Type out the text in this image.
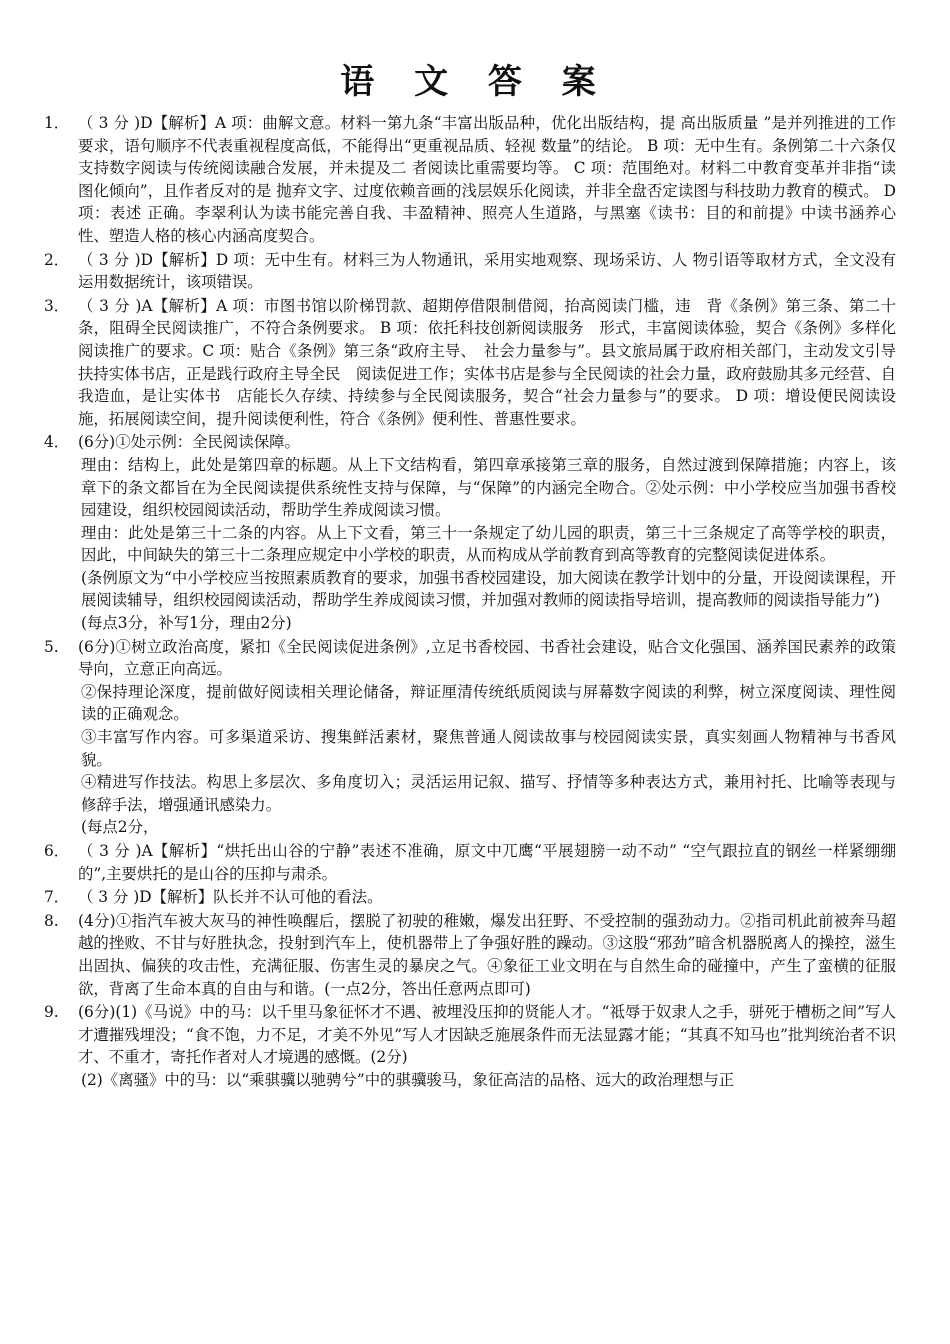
语 文 答 案
1． （ 3 分 )D【解析】A 项：曲解文意。材料一第九条“丰富出版品种，优化出版结构，提 高出版质量 ”是并列推进的工作要求，语句顺序不代表重视程度高低，不能得出“更重视品质、轻视 数量”的结论。 B 项：无中生有。条例第二十六条仅支持数字阅读与传统阅读融合发展，并未提及二 者阅读比重需要均等。 C 项：范围绝对。材料二中教育变革并非指“读图化倾向”，且作者反对的是 抛弃文字、过度依赖音画的浅层娱乐化阅读，并非全盘否定读图与科技助力教育的模式。 D 项：表述 正确。李翠利认为读书能完善自我、丰盈精神、照亮人生道路，与黑塞《读书：目的和前提》中读书涵养心性、塑造人格的核心内涵高度契合。

2． （ 3 分 )D【解析】D 项：无中生有。材料三为人物通讯，采用实地观察、现场采访、人 物引语等取材方式，全文没有运用数据统计，该项错误。

3． （ 3 分 )A【解析】A 项：市图书馆以阶梯罚款、超期停借限制借阅，抬高阅读门槛，违　背《条例》第三条、第二十条，阻碍全民阅读推广，不符合条例要求。 B 项：依托科技创新阅读服务　形式，丰富阅读体验，契合《条例》多样化阅读推广的要求。C 项：贴合《条例》第三条“政府主导、　社会力量参与”。县文旅局属于政府相关部门，主动发文引导扶持实体书店，正是践行政府主导全民　阅读促进工作；实体书店是参与全民阅读的社会力量，政府鼓励其多元经营、自我造血，是让实体书　店能长久存续、持续参与全民阅读服务，契合“社会力量参与”的要求。 D 项：增设便民阅读设施，拓展阅读空间，提升阅读便利性，符合《条例》便利性、普惠性要求。

4． (6分)①处示例：全民阅读保障。

理由：结构上，此处是第四章的标题。从上下文结构看，第四章承接第三章的服务，自然过渡到保障措施；内容上，该章下的条文都旨在为全民阅读提供系统性支持与保障，与“保障”的内涵完全吻合。②处示例：中小学校应当加强书香校园建设，组织校园阅读活动，帮助学生养成阅读习惯。

理由：此处是第三十二条的内容。从上下文看，第三十一条规定了幼儿园的职责，第三十三条规定了高等学校的职责，因此，中间缺失的第三十二条理应规定中小学校的职责，从而构成从学前教育到高等教育的完整阅读促进体系。

(条例原文为“中小学校应当按照素质教育的要求，加强书香校园建设，加大阅读在教学计划中的分量，开设阅读课程，开展阅读辅导，组织校园阅读活动，帮助学生养成阅读习惯，并加强对教师的阅读指导培训，提高教师的阅读指导能力”)

(每点3分，补写1分，理由2分)

5. (6分)①树立政治高度，紧扣《全民阅读促进条例》,立足书香校园、书香社会建设，贴合文化强国、涵养国民素养的政策导向，立意正向高远。

②保持理论深度，提前做好阅读相关理论储备，辩证厘清传统纸质阅读与屏幕数字阅读的利弊，树立深度阅读、理性阅读的正确观念。

③丰富写作内容。可多渠道采访、搜集鲜活素材，聚焦普通人阅读故事与校园阅读实景，真实刻画人物精神与书香风貌。

④精进写作技法。构思上多层次、多角度切入；灵活运用记叙、描写、抒情等多种表达方式，兼用衬托、比喻等表现与修辞手法，增强通讯感染力。

(每点2分，

6． （ 3 分 )A【解析】“烘托出山谷的宁静”表述不准确，原文中兀鹰“平展翅膀一动不动” “空气跟拉直的钢丝一样紧绷绷的”,主要烘托的是山谷的压抑与肃杀。

7． （ 3 分 )D【解析】队长并不认可他的看法。

8. (4分)①指汽车被大灰马的神性唤醒后，摆脱了初驶的稚嫩，爆发出狂野、不受控制的强劲动力。②指司机此前被奔马超越的挫败、不甘与好胜执念，投射到汽车上，使机器带上了争强好胜的躁动。③这股“邪劲”暗含机器脱离人的操控，滋生出固执、偏狭的攻击性，充满征服、伤害生灵的暴戾之气。④象征工业文明在与自然生命的碰撞中，产生了蛮横的征服欲，背离了生命本真的自由与和谐。(一点2分，答出任意两点即可)

9. (6分)(1)《马说》中的马：以千里马象征怀才不遇、被埋没压抑的贤能人才。“祗辱于奴隶人之手，骈死于槽枥之间”写人才遭摧残埋没；“食不饱，力不足，才美不外见”写人才因缺乏施展条件而无法显露才能；“其真不知马也”批判统治者不识才、不重才，寄托作者对人才境遇的感慨。(2分)

(2)《离骚》中的马：以“乘骐骥以驰骋兮”中的骐骥骏马，象征高洁的品格、远大的政治理想与正
